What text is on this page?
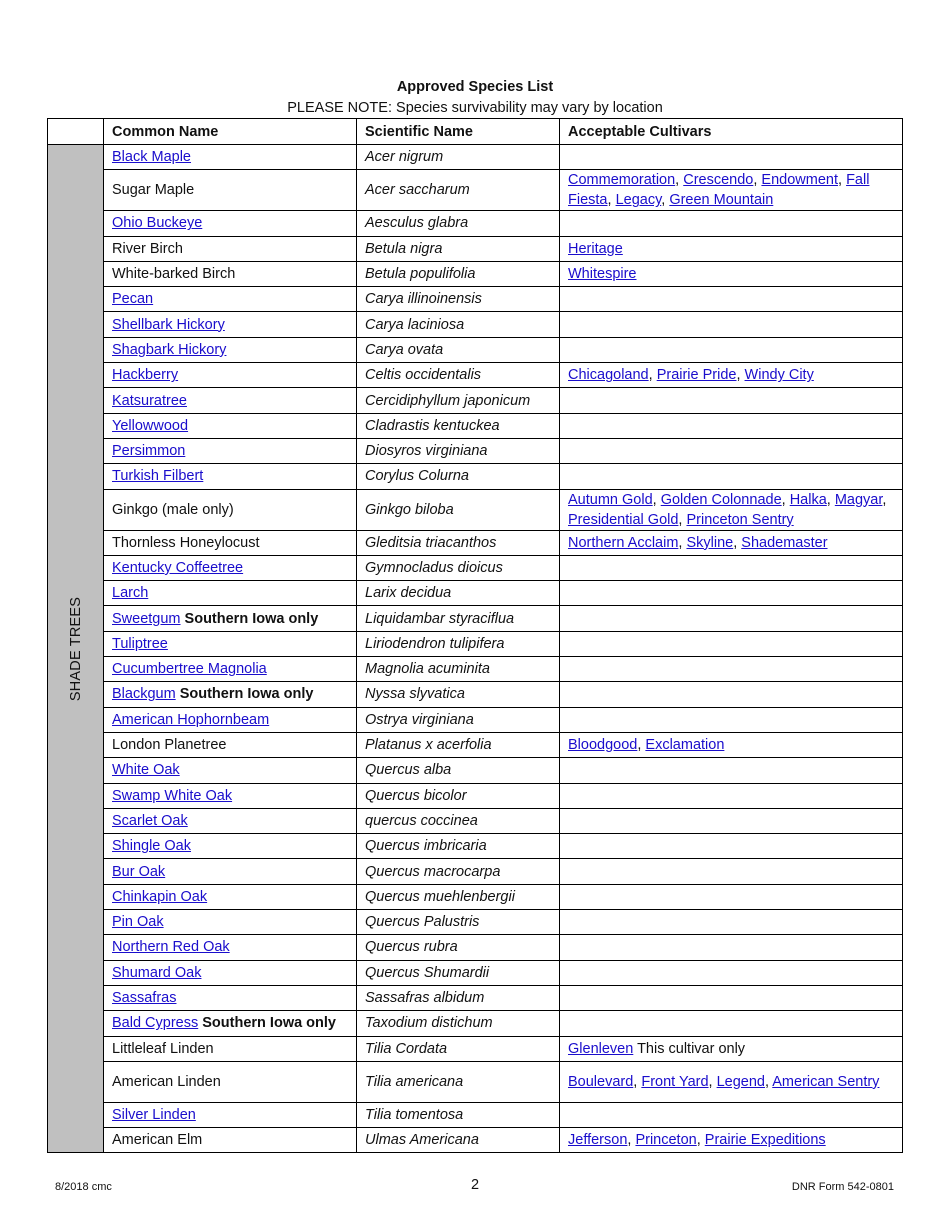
Approved Species List
PLEASE NOTE: Species survivability may vary by location
	Common Name	Scientific Name	Acceptable Cultivars

SHADE TREES	Black Maple	Acer nigrum	
	Sugar Maple	Acer saccharum	Commemoration, Crescendo, Endowment, Fall Fiesta, Legacy, Green Mountain
	Ohio Buckeye	Aesculus glabra	
	River Birch	Betula nigra	Heritage
	White-barked Birch	Betula populifolia	Whitespire
	Pecan	Carya illinoinensis	
	Shellbark Hickory	Carya laciniosa	
	Shagbark Hickory	Carya ovata	
	Hackberry	Celtis occidentalis	Chicagoland, Prairie Pride, Windy City
	Katsuratree	Cercidiphyllum japonicum	
	Yellowwood	Cladrastis kentuckea	
	Persimmon	Diosyros virginiana	
	Turkish Filbert	Corylus Colurna	
	Ginkgo (male only)	Ginkgo biloba	Autumn Gold, Golden Colonnade, Halka, Magyar, Presidential Gold, Princeton Sentry
	Thornless Honeylocust	Gleditsia triacanthos	Northern Acclaim, Skyline, Shademaster
	Kentucky Coffeetree	Gymnocladus dioicus	
	Larch	Larix decidua	
	Sweetgum Southern Iowa only	Liquidambar styraciflua	
	Tuliptree	Liriodendron tulipifera	
	Cucumbertree Magnolia	Magnolia acuminita	
	Blackgum Southern Iowa only	Nyssa slyvatica	
	American Hophornbeam	Ostrya virginiana	
	London Planetree	Platanus x acerfolia	Bloodgood, Exclamation
	White Oak	Quercus alba	
	Swamp White Oak	Quercus bicolor	
	Scarlet Oak	quercus coccinea	
	Shingle Oak	Quercus imbricaria	
	Bur Oak	Quercus macrocarpa	
	Chinkapin Oak	Quercus muehlenbergii	
	Pin Oak	Quercus Palustris	
	Northern Red Oak	Quercus rubra	
	Shumard Oak	Quercus Shumardii	
	Sassafras	Sassafras albidum	
	Bald Cypress Southern Iowa only	Taxodium distichum	
	Littleleaf Linden	Tilia Cordata	Glenleven This cultivar only
	American Linden	Tilia americana	Boulevard, Front Yard, Legend, American Sentry
	Silver Linden	Tilia tomentosa	
	American Elm	Ulmas Americana	Jefferson, Princeton, Prairie Expeditions
8/2018 cmc	2	DNR Form 542-0801
